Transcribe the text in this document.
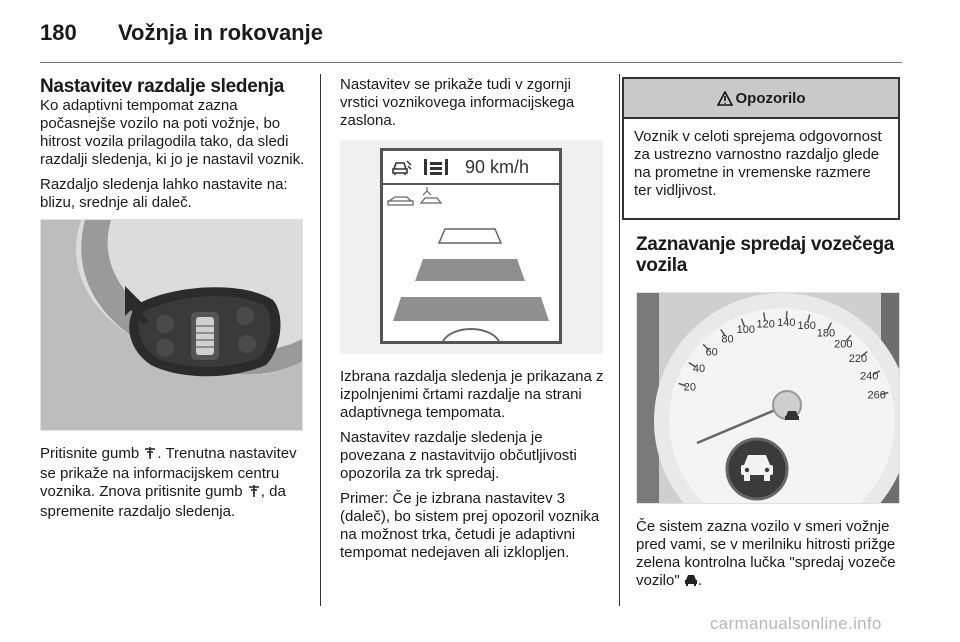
180 Vožnja in rokovanje
Nastavitev razdalje sledenja

Ko adaptivni tempomat zazna počasnejše vozilo na poti vožnje, bo hitrost vozila prilagodila tako, da sledi razdalji sledenja, ki jo je nastavil voznik.

Razdaljo sledenja lahko nastavite na: blizu, srednje ali daleč.

Pritisnite gumb . Trenutna nastavitev se prikaže na informacijskem centru voznika. Znova pritisnite gumb , da spremenite razdaljo sledenja.

Nastavitev se prikaže tudi v zgornji vrstici voznikovega informacijskega zaslona.

90 km/h

Izbrana razdalja sledenja je prikazana z izpolnjenimi črtami razdalje na strani adaptivnega tempomata.

Nastavitev razdalje sledenja je povezana z nastavitvijo občutljivosti opozorila za trk spredaj.

Primer: Če je izbrana nastavitev 3 (daleč), bo sistem prej opozoril voznika na možnost trka, četudi je adaptivni tempomat nedejaven ali izklopljen.

Opozorilo
Voznik v celoti sprejema odgovornost za ustrezno varnostno razdaljo glede na prometne in vremenske razmere ter vidljivost.
Zaznavanje spredaj vozečega vozila
20
40
60
80
100 120 140 160
180
200
220
240
260

Če sistem zazna vozilo v smeri vožnje pred vami, se v merilniku hitrosti prižge zelena kontrolna lučka "spredaj vozeče vozilo" .

carmanualsonline.info
